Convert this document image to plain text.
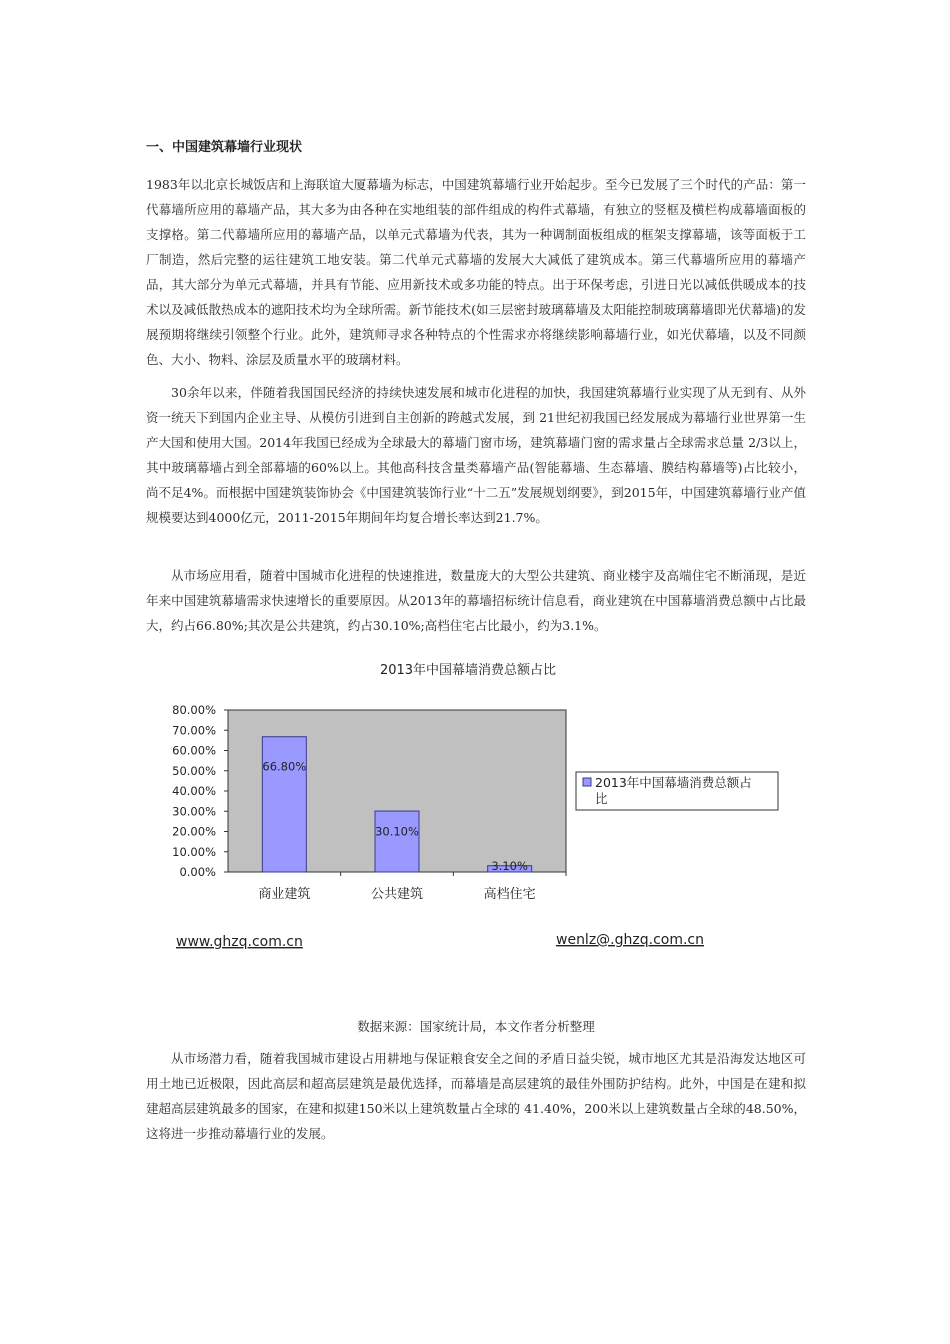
一、中国建筑幕墙行业现状

1983年以北京长城饭店和上海联谊大厦幕墙为标志，中国建筑幕墙行业开始起步。至今已发展了三个时代的产品：第一代幕墙所应用的幕墙产品，其大多为由各种在实地组装的部件组成的构件式幕墙，有独立的竖框及横栏构成幕墙面板的支撑格。第二代幕墙所应用的幕墙产品，以单元式幕墙为代表，其为一种调制面板组成的框架支撑幕墙，该等面板于工厂制造，然后完整的运往建筑工地安装。第二代单元式幕墙的发展大大减低了建筑成本。第三代幕墙所应用的幕墙产品，其大部分为单元式幕墙，并具有节能、应用新技术或多功能的特点。出于环保考虑，引进日光以减低供暖成本的技术以及减低散热成本的遮阳技术均为全球所需。新节能技术(如三层密封玻璃幕墙及太阳能控制玻璃幕墙即光伏幕墙)的发展预期将继续引领整个行业。此外，建筑师寻求各种特点的个性需求亦将继续影响幕墙行业，如光伏幕墙，以及不同颜色、大小、物料、涂层及质量水平的玻璃材料。

30余年以来，伴随着我国国民经济的持续快速发展和城市化进程的加快，我国建筑幕墙行业实现了从无到有、从外资一统天下到国内企业主导、从模仿引进到自主创新的跨越式发展，到 21世纪初我国已经发展成为幕墙行业世界第一生产大国和使用大国。2014年我国已经成为全球最大的幕墙门窗市场，建筑幕墙门窗的需求量占全球需求总量 2/3以上，其中玻璃幕墙占到全部幕墙的60%以上。其他高科技含量类幕墙产品(智能幕墙、生态幕墙、膜结构幕墙等)占比较小，尚不足4%。而根据中国建筑装饰协会《中国建筑装饰行业“十二五”发展规划纲要》，到2015年，中国建筑幕墙行业产值规模要达到4000亿元，2011-2015年期间年均复合增长率达到21.7%。

从市场应用看，随着中国城市化进程的快速推进，数量庞大的大型公共建筑、商业楼宇及高端住宅不断涌现，是近年来中国建筑幕墙需求快速增长的重要原因。从2013年的幕墙招标统计信息看，商业建筑在中国幕墙消费总额中占比最大，约占66.80%;其次是公共建筑，约占30.10%;高档住宅占比最小，约为3.1%。

2013年中国幕墙消费总额占比
0.00%
10.00%
20.00%
30.00%
40.00%
50.00%
60.00%
70.00%
80.00%
66.80%
商业建筑
30.10%
公共建筑
3.10%
高档住宅
2013年中国幕墙消费总额占
比
www.ghzq.com.cn	wenlz@.ghzq.com.cn
数据来源：国家统计局，本文作者分析整理

从市场潜力看，随着我国城市建设占用耕地与保证粮食安全之间的矛盾日益尖锐，城市地区尤其是沿海发达地区可用土地已近极限，因此高层和超高层建筑是最优选择，而幕墙是高层建筑的最佳外围防护结构。此外，中国是在建和拟建超高层建筑最多的国家，在建和拟建150米以上建筑数量占全球的 41.40%，200米以上建筑数量占全球的48.50%，这将进一步推动幕墙行业的发展。
